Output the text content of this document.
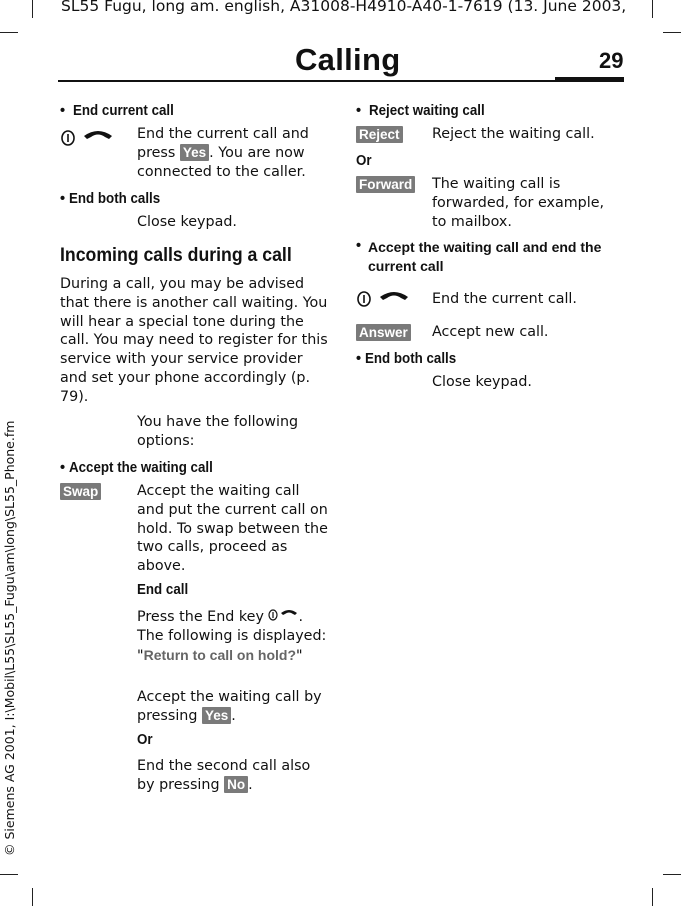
SL55 Fugu, long am. english, A31008-H4910-A40-1-7619 (13. June 2003,
Calling	29
© Siemens AG 2001, I:\Mobil\L55\SL55_Fugu\am\long\SL55_Phone.fm
•  End current call
End the current call and press Yes . You are now connected to the caller.
• End both calls
Close keypad.
Incoming calls during a call
During a call, you may be advised that there is another call waiting. You will hear a special tone during the call. You may need to register for this service with your service provider and set your phone accordingly (p. 79).
You have the following options:
• Accept the waiting call
Swap	Accept the waiting call and put the current call on hold. To swap between the two calls, proceed as above.
End call
Press the End key . The following is displayed: "Return to call on hold?"
Accept the waiting call by pressing Yes .
Or
End the second call also by pressing No .
•  Reject waiting call
Reject Reject the waiting call.
Or
Forward The waiting call is forwarded, for example, to mailbox.
• Accept the waiting call and end the current call
End the current call.
Answer Accept new call.
• End both calls
Close keypad.
